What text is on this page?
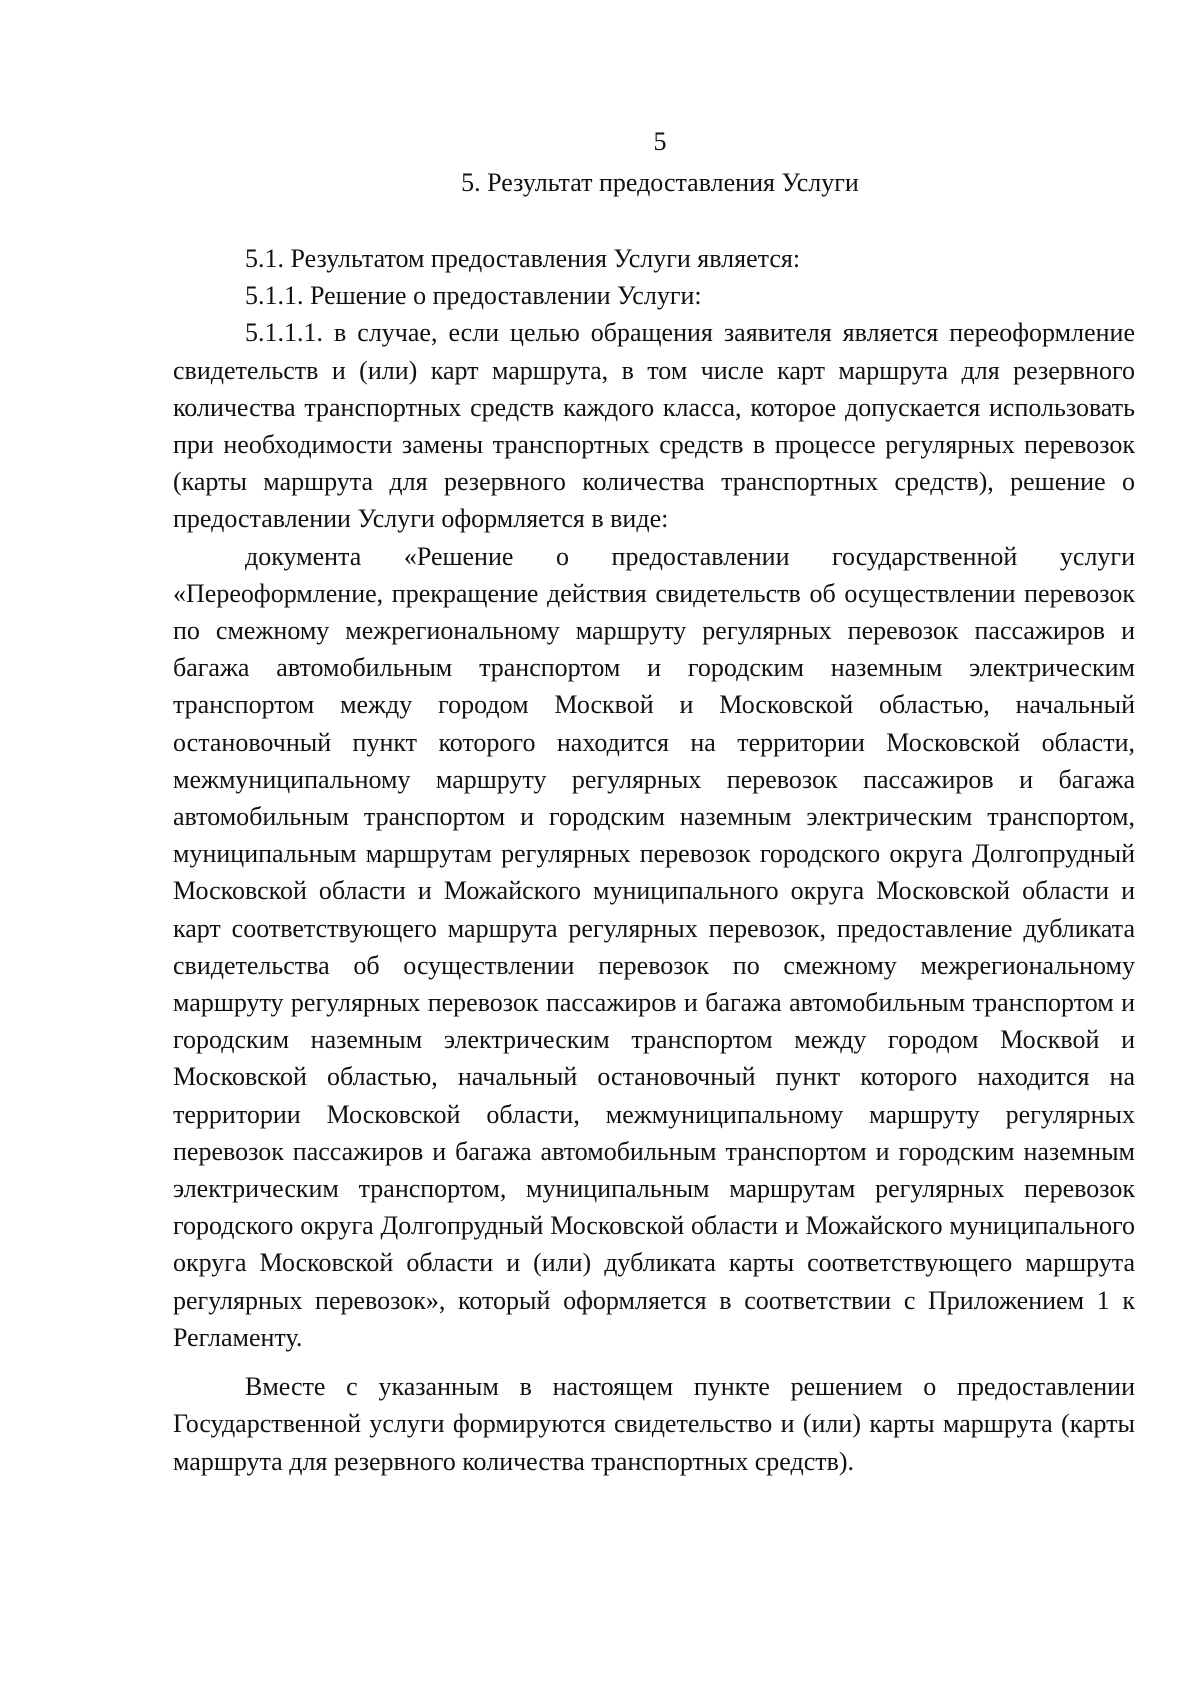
5
5. Результат предоставления Услуги

5.1. Результатом предоставления Услуги является:

5.1.1. Решение о предоставлении Услуги:

5.1.1.1. в случае, если целью обращения заявителя является переоформление свидетельств и (или) карт маршрута, в том числе карт маршрута для резервного количества транспортных средств каждого класса, которое допускается использовать при необходимости замены транспортных средств в процессе регулярных перевозок (карты маршрута для резервного количества транспортных средств), решение о предоставлении Услуги оформляется в виде:

документа «Решение о предоставлении государственной услуги «Переоформление, прекращение действия свидетельств об осуществлении перевозок по смежному межрегиональному маршруту регулярных перевозок пассажиров и багажа автомобильным транспортом и городским наземным электрическим транспортом между городом Москвой и Московской областью, начальный остановочный пункт которого находится на территории Московской области, межмуниципальному маршруту регулярных перевозок пассажиров и багажа автомобильным транспортом и городским наземным электрическим транспортом, муниципальным маршрутам регулярных перевозок городского округа Долгопрудный Московской области и Можайского муниципального округа Московской области и карт соответствующего маршрута регулярных перевозок, предоставление дубликата свидетельства об осуществлении перевозок по смежному межрегиональному маршруту регулярных перевозок пассажиров и багажа автомобильным транспортом и городским наземным электрическим транспортом между городом Москвой и Московской областью, начальный остановочный пункт которого находится на территории Московской области, межмуниципальному маршруту регулярных перевозок пассажиров и багажа автомобильным транспортом и городским наземным электрическим транспортом, муниципальным маршрутам регулярных перевозок городского округа Долгопрудный Московской области и Можайского муниципального округа Московской области и (или) дубликата карты соответствующего маршрута регулярных перевозок», который оформляется в соответствии с Приложением 1 к Регламенту.

Вместе с указанным в настоящем пункте решением о предоставлении Государственной услуги формируются свидетельство и (или) карты маршрута (карты маршрута для резервного количества транспортных средств).
